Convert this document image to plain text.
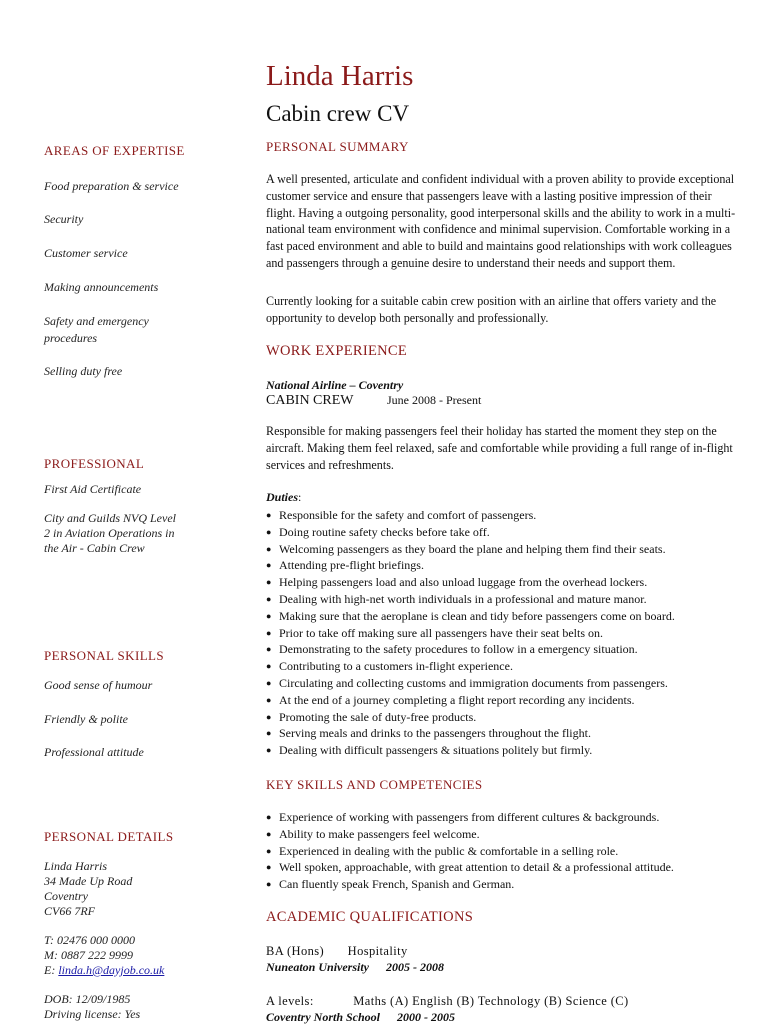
Linda Harris
Cabin crew CV
AREAS OF EXPERTISE
Food preparation & service
Security
Customer service
Making announcements
Safety and emergency procedures
Selling duty free
PROFESSIONAL
First Aid Certificate
City and Guilds NVQ Level 2 in Aviation Operations in the Air - Cabin Crew
PERSONAL SKILLS
Good sense of humour
Friendly & polite
Professional attitude
PERSONAL DETAILS
Linda Harris
34 Made Up Road
Coventry
CV66 7RF
T: 02476 000 0000
M: 0887 222 9999
E: linda.h@dayjob.co.uk
DOB: 12/09/1985
Driving license: Yes
PERSONAL SUMMARY
A well presented, articulate and confident individual with a proven ability to provide exceptional customer service and ensure that passengers leave with a lasting positive impression of their flight. Having a outgoing personality, good interpersonal skills and the ability to work in a multi-national team environment with confidence and minimal supervision. Comfortable working in a fast paced environment and able to build and maintains good relationships with work colleagues and passengers through a genuine desire to understand their needs and support them.
Currently looking for a suitable cabin crew position with an airline that offers variety and the opportunity to develop both personally and professionally.
WORK EXPERIENCE
National Airline – Coventry
CABIN CREW	June 2008 - Present
Responsible for making passengers feel their holiday has started the moment they step on the aircraft. Making them feel relaxed, safe and comfortable while providing a full range of in-flight services and refreshments.
Duties:
● Responsible for the safety and comfort of passengers.
● Doing routine safety checks before take off.
● Welcoming passengers as they board the plane and helping them find their seats.
● Attending pre-flight briefings.
● Helping passengers load and also unload luggage from the overhead lockers.
● Dealing with high-net worth individuals in a professional and mature manor.
● Making sure that the aeroplane is clean and tidy before passengers come on board.
● Prior to take off making sure all passengers have their seat belts on.
● Demonstrating to the safety procedures to follow in a emergency situation.
● Contributing to a customers in-flight experience.
● Circulating and collecting customs and immigration documents from passengers.
● At the end of a journey completing a flight report recording any incidents.
● Promoting the sale of duty-free products.
● Serving meals and drinks to the passengers throughout the flight.
● Dealing with difficult passengers & situations politely but firmly.
KEY SKILLS AND COMPETENCIES
● Experience of working with passengers from different cultures & backgrounds.
● Ability to make passengers feel welcome.
● Experienced in dealing with the public & comfortable in a selling role.
● Well spoken, approachable, with great attention to detail & a professional attitude.
● Can fluently speak French, Spanish and German.
ACADEMIC QUALIFICATIONS
BA (Hons) Hospitality
Nuneaton University 2005 - 2008
A levels:	Maths (A) English (B) Technology (B) Science (C)
Coventry North School 2000 - 2005
